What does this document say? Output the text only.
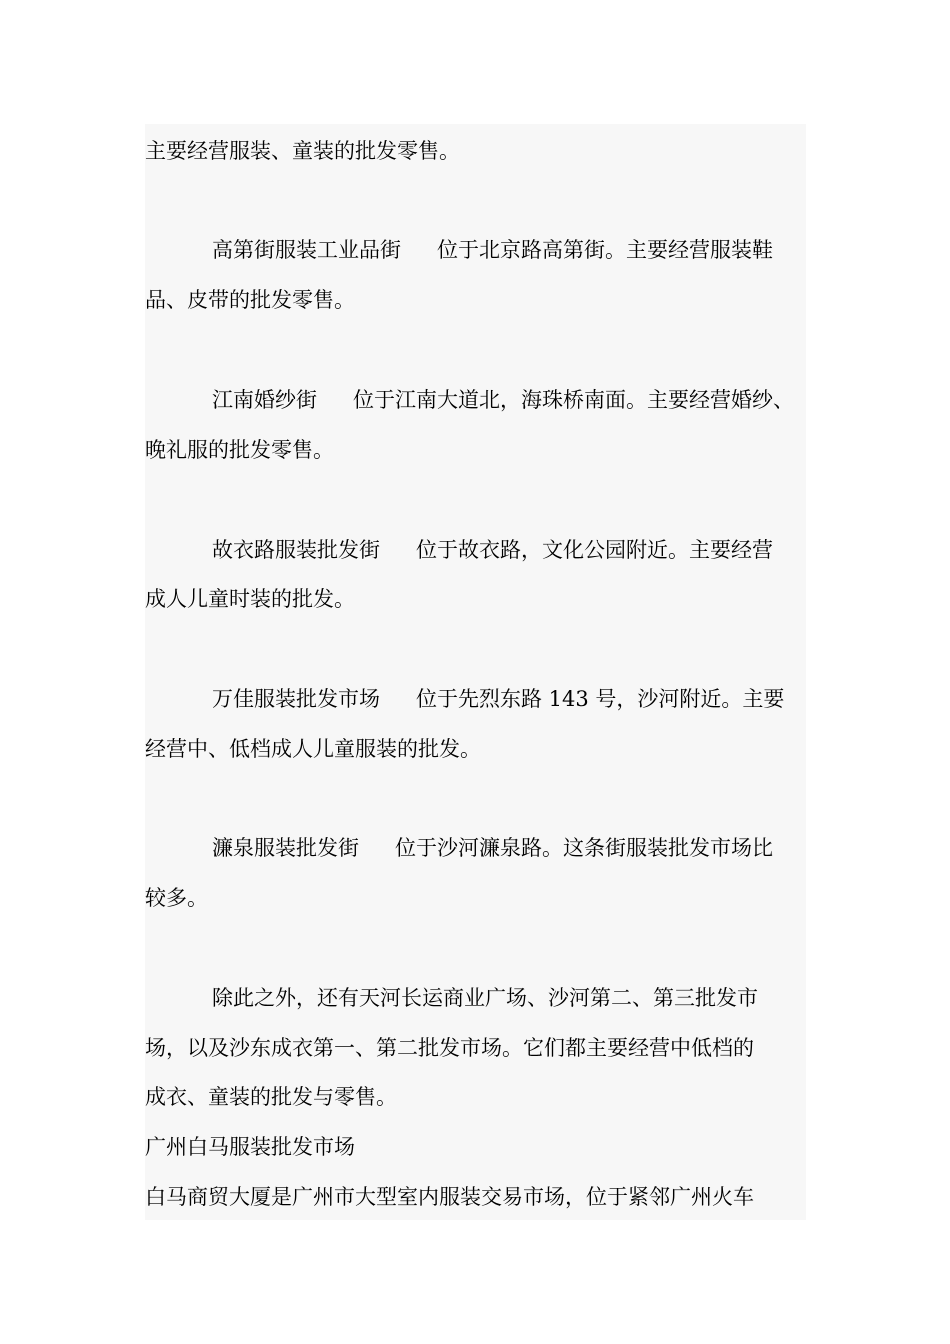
主要经营服装、童装的批发零售。
高第街服装工业品街 位于北京路高第街。主要经营服装鞋
品、皮带的批发零售。
江南婚纱街 位于江南大道北，海珠桥南面。主要经营婚纱、
晚礼服的批发零售。
故衣路服装批发街 位于故衣路，文化公园附近。主要经营
成人儿童时装的批发。
万佳服装批发市场 位于先烈东路 143 号，沙河附近。主要
经营中、低档成人儿童服装的批发。
濂泉服装批发街 位于沙河濂泉路。这条街服装批发市场比
较多。
除此之外，还有天河长运商业广场、沙河第二、第三批发市
场，以及沙东成衣第一、第二批发市场。它们都主要经营中低档的
成衣、童装的批发与零售。
广州白马服装批发市场
白马商贸大厦是广州市大型室内服装交易市场，位于紧邻广州火车
